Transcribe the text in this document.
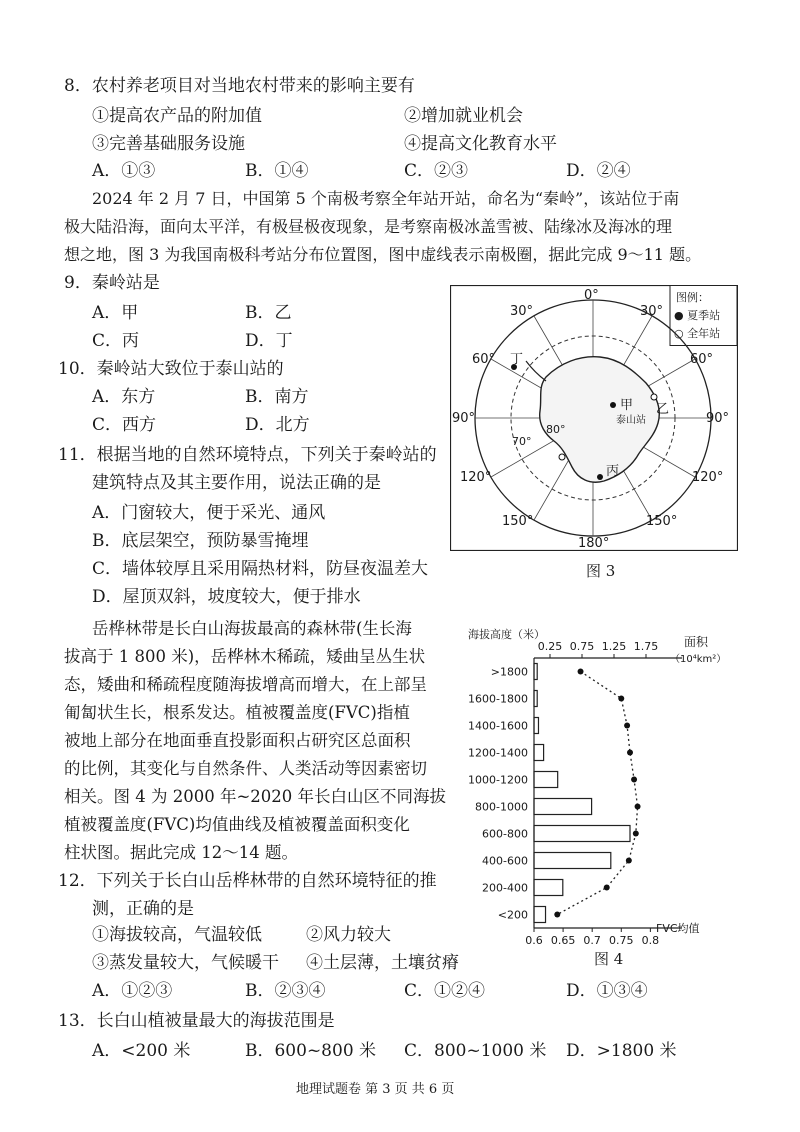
8．农村养老项目对当地农村带来的影响主要有
①提高农产品的附加值	②增加就业机会
③完善基础服务设施	④提高文化教育水平
A．①③	B．①④	C．②③	D．②④
2024 年 2 月 7 日，中国第 5 个南极考察全年站开站，命名为“秦岭”，该站位于南
极大陆沿海，面向太平洋，有极昼极夜现象，是考察南极冰盖雪被、陆缘冰及海冰的理
想之地，图 3 为我国南极科考站分布位置图，图中虚线表示南极圈，据此完成 9～11 题。
9．秦岭站是
A．甲	B．乙
C．丙	D．丁
10．秦岭站大致位于泰山站的
A．东方	B．南方
C．西方	D．北方
11．根据当地的自然环境特点，下列关于秦岭站的
建筑特点及其主要作用，说法正确的是
A．门窗较大，便于采光、通风
B．底层架空，预防暴雪掩埋
C．墙体较厚且采用隔热材料，防昼夜温差大
D．屋顶双斜，坡度较大，便于排水
图例：
● 夏季站
○ 全年站
丁
甲 乙
丙
泰山站
0°
30°	30°
60°	60°
90°	90°
120°	120°
150°	150°
180°
70°
80°
图 3
岳桦林带是长白山海拔最高的森林带(生长海
拔高于 1 800 米)，岳桦林木稀疏，矮曲呈丛生状
态，矮曲和稀疏程度随海拔增高而增大，在上部呈
匍匐状生长，根系发达。植被覆盖度(FVC)指植
被地上部分在地面垂直投影面积占研究区总面积
的比例，其变化与自然条件、人类活动等因素密切
相关。图 4 为 2000 年~2020 年长白山区不同海拔
植被覆盖度(FVC)均值曲线及植被覆盖面积变化
柱状图。据此完成 12～14 题。
海拔高度（米）
面积
（10⁴km²）
FVC均值
0.25 0.75 1.25 1.75
0.6 0.65 0.7 0.75 0.8
>1800
1600-1800
1400-1600
1200-1400
1000-1200
800-1000
600-800
400-600
200-400
<200
图 4
12．下列关于长白山岳桦林带的自然环境特征的推
测，正确的是
①海拔较高，气温较低	②风力较大
③蒸发量较大，气候暖干 ④土层薄，土壤贫瘠
A．①②③	B．②③④	C．①②④	D．①③④
13．长白山植被量最大的海拔范围是
A．<200 米	B．600~800 米 C．800~1000 米 D．>1800 米
地理试题卷 第 3 页 共 6 页
